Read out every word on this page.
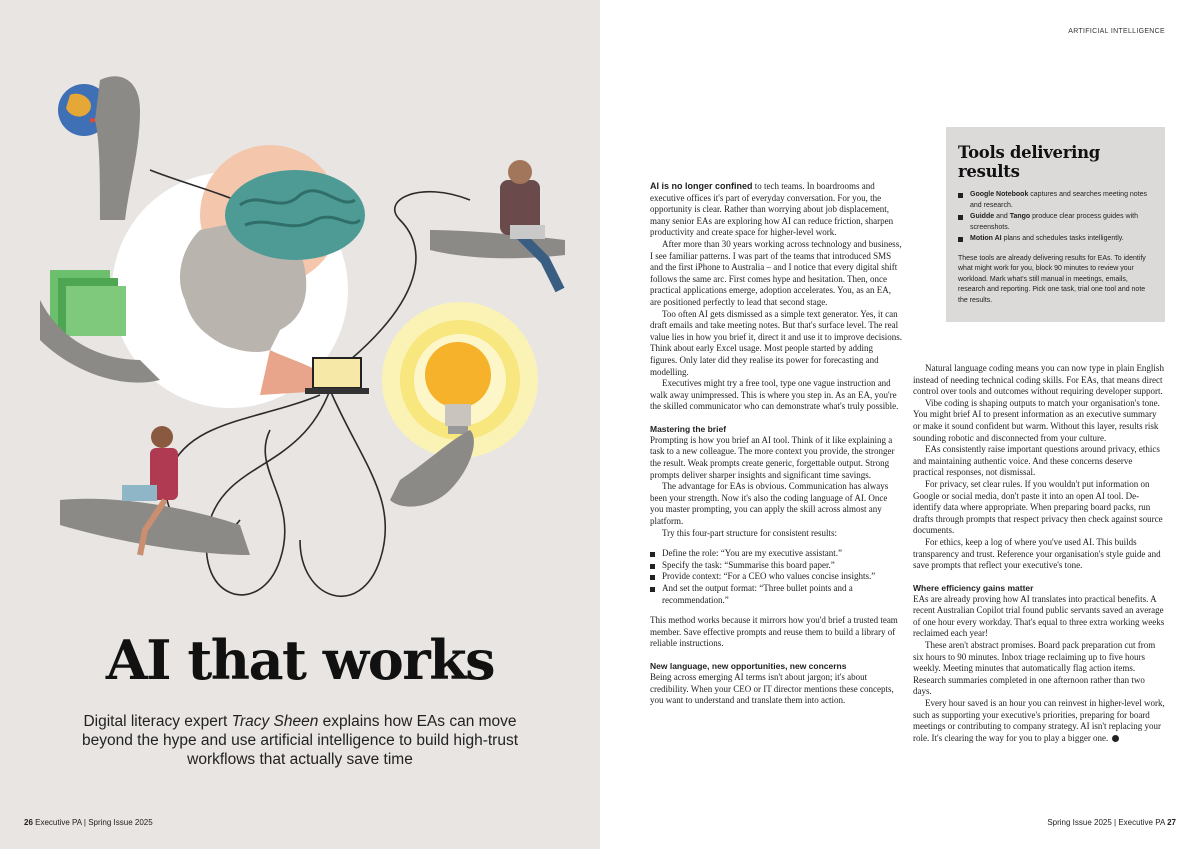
AI that works

Digital literacy expert Tracy Sheen explains how EAs can move beyond the hype and use artificial intelligence to build high-trust workflows that actually save time

26 Executive PA | Spring Issue 2025
ARTIFICIAL INTELLIGENCE
Tools delivering results
Google Notebook captures and searches meeting notes and research.
Guidde and Tango produce clear process guides with screenshots.
Motion AI plans and schedules tasks intelligently.

These tools are already delivering results for EAs. To identify what might work for you, block 90 minutes to review your workload. Mark what's still manual in meetings, emails, research and reporting. Pick one task, trial one tool and note the results.

AI is no longer confined to tech teams. In boardrooms and executive offices it's part of everyday conversation. For you, the opportunity is clear. Rather than worrying about job displacement, many senior EAs are exploring how AI can reduce friction, sharpen productivity and create space for higher-level work.

After more than 30 years working across technology and business, I see familiar patterns. I was part of the teams that introduced SMS and the first iPhone to Australia – and I notice that every digital shift follows the same arc. First comes hype and hesitation. Then, once practical applications emerge, adoption accelerates. You, as an EA, are positioned perfectly to lead that second stage.

Too often AI gets dismissed as a simple text generator. Yes, it can draft emails and take meeting notes. But that's surface level. The real value lies in how you brief it, direct it and use it to improve decisions. Think about early Excel usage. Most people started by adding figures. Only later did they realise its power for forecasting and modelling.

Executives might try a free tool, type one vague instruction and walk away unimpressed. This is where you step in. As an EA, you're the skilled communicator who can demonstrate what's truly possible.

Mastering the brief

Prompting is how you brief an AI tool. Think of it like explaining a task to a new colleague. The more context you provide, the stronger the result. Weak prompts create generic, forgettable output. Strong prompts deliver sharper insights and significant time savings.

The advantage for EAs is obvious. Communication has always been your strength. Now it's also the coding language of AI. Once you master prompting, you can apply the skill across almost any platform.

Try this four-part structure for consistent results:

Define the role: “You are my executive assistant.”
Specify the task: “Summarise this board paper.”
Provide context: “For a CEO who values concise insights.”
And set the output format: “Three bullet points and a recommendation.”

This method works because it mirrors how you'd brief a trusted team member. Save effective prompts and reuse them to build a library of reliable instructions.

New language, new opportunities, new concerns

Being across emerging AI terms isn't about jargon; it's about credibility. When your CEO or IT director mentions these concepts, you want to understand and translate them into action.

Natural language coding means you can now type in plain English instead of needing technical coding skills. For EAs, that means direct control over tools and outcomes without requiring developer support.

Vibe coding is shaping outputs to match your organisation's tone. You might brief AI to present information as an executive summary or make it sound confident but warm. Without this layer, results risk sounding robotic and disconnected from your culture.

EAs consistently raise important questions around privacy, ethics and maintaining authentic voice. And these concerns deserve practical responses, not dismissal.

For privacy, set clear rules. If you wouldn't put information on Google or social media, don't paste it into an open AI tool. De-identify data where appropriate. When preparing board packs, run drafts through prompts that respect privacy then check against source documents.

For ethics, keep a log of where you've used AI. This builds transparency and trust. Reference your organisation's style guide and save prompts that reflect your executive's tone.

Where efficiency gains matter

EAs are already proving how AI translates into practical benefits. A recent Australian Copilot trial found public servants saved an average of one hour every workday. That's equal to three extra working weeks reclaimed each year!

These aren't abstract promises. Board pack preparation cut from six hours to 90 minutes. Inbox triage reclaiming up to five hours weekly. Meeting minutes that automatically flag action items. Research summaries completed in one afternoon rather than two days.

Every hour saved is an hour you can reinvest in higher-level work, such as supporting your executive's priorities, preparing for board meetings or contributing to company strategy. AI isn't replacing your role. It's clearing the way for you to play a bigger one.

Spring Issue 2025 | Executive PA 27
